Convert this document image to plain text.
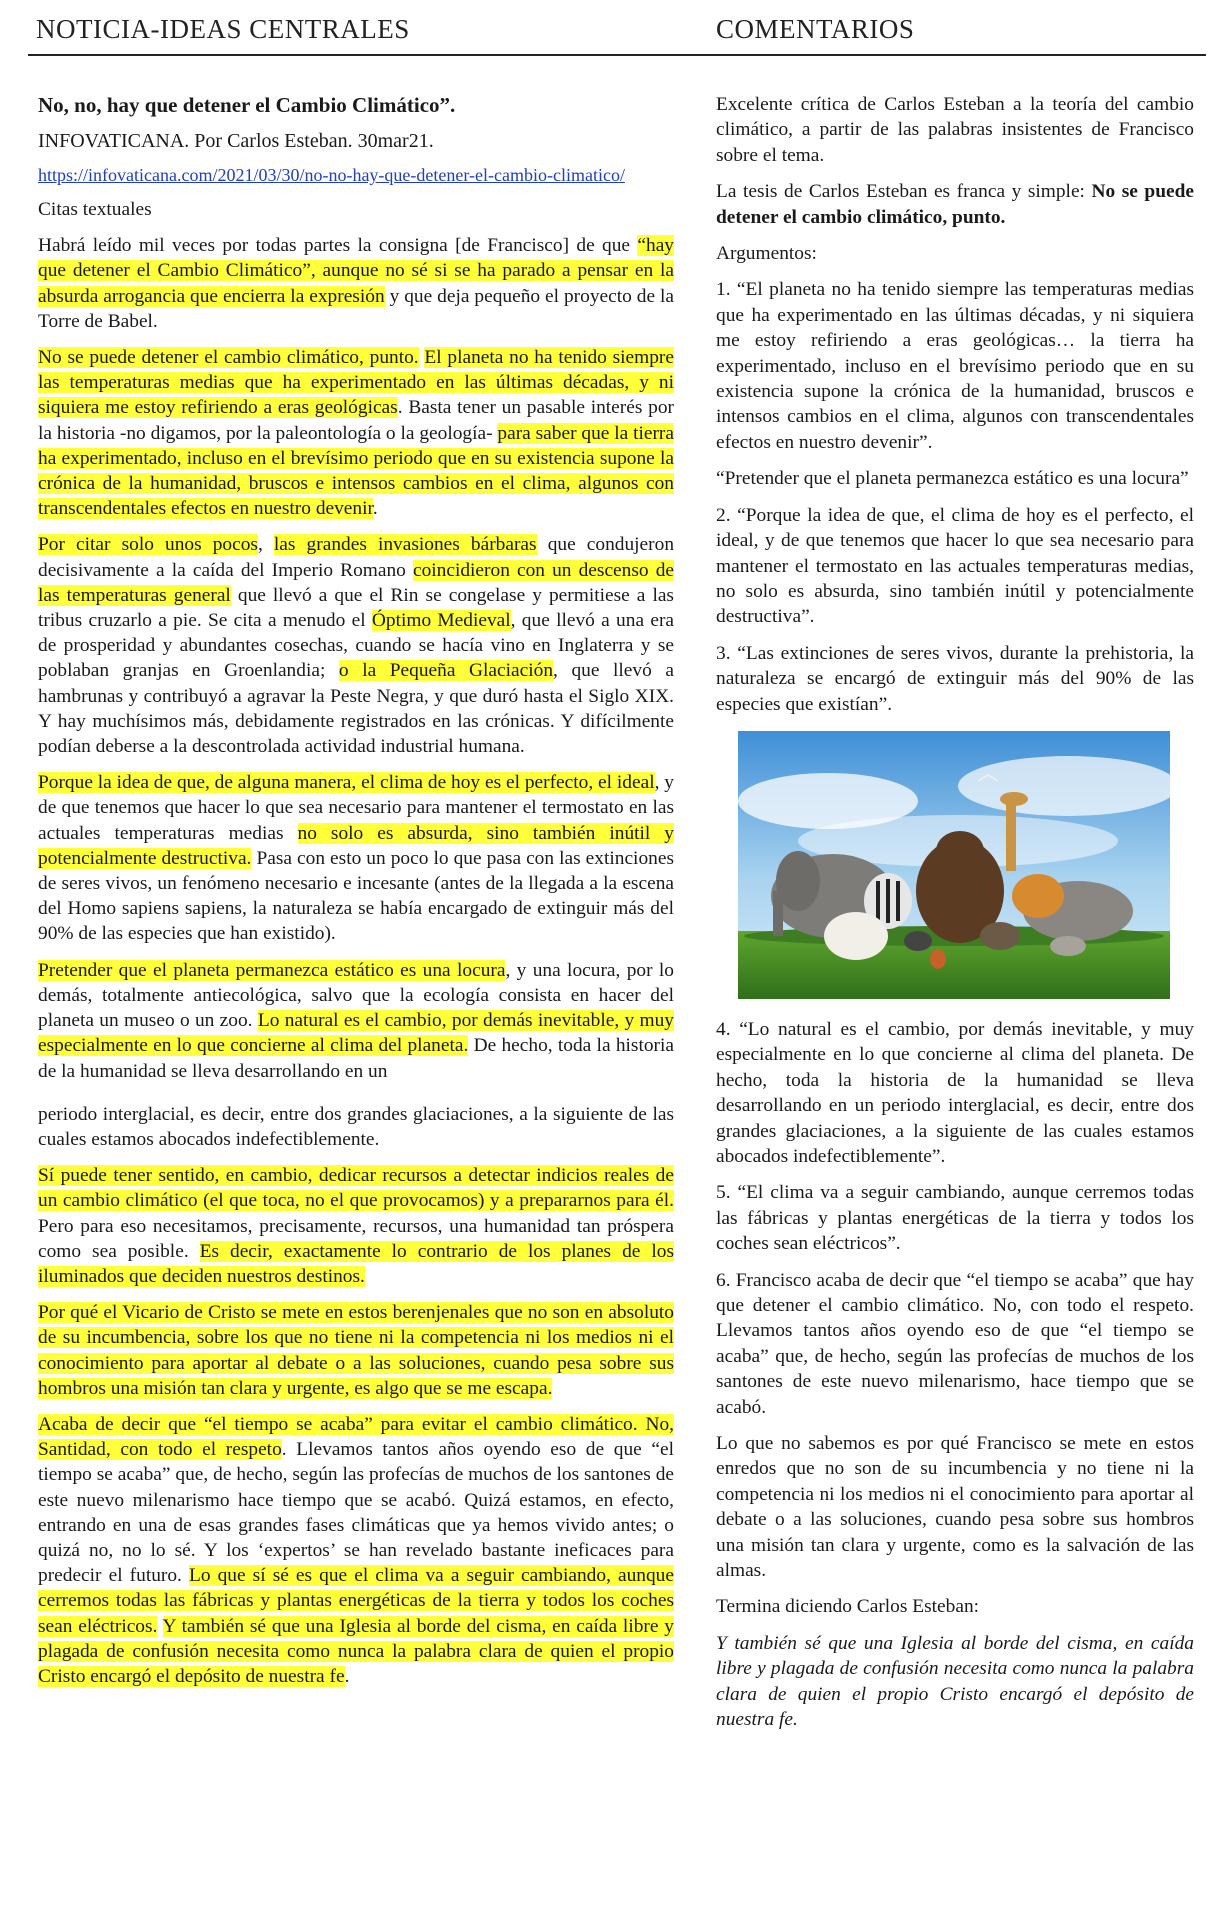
NOTICIA-IDEAS CENTRALES	COMENTARIOS

No, no, hay que detener el Cambio Climático”.

INFOVATICANA. Por Carlos Esteban. 30mar21.

https://infovaticana.com/2021/03/30/no-no-hay-que-detener-el-cambio-climatico/

Citas textuales

Habrá leído mil veces por todas partes la consigna [de Francisco] de que “hay que detener el Cambio Climático”, aunque no sé si se ha parado a pensar en la absurda arrogancia que encierra la expresión y que deja pequeño el proyecto de la Torre de Babel.

No se puede detener el cambio climático, punto. El planeta no ha tenido siempre las temperaturas medias que ha experimentado en las últimas décadas, y ni siquiera me estoy refiriendo a eras geológicas. Basta tener un pasable interés por la historia -no digamos, por la paleontología o la geología- para saber que la tierra ha experimentado, incluso en el brevísimo periodo que en su existencia supone la crónica de la humanidad, bruscos e intensos cambios en el clima, algunos con transcendentales efectos en nuestro devenir.

Por citar solo unos pocos, las grandes invasiones bárbaras que condujeron decisivamente a la caída del Imperio Romano coincidieron con un descenso de las temperaturas general que llevó a que el Rin se congelase y permitiese a las tribus cruzarlo a pie. Se cita a menudo el Óptimo Medieval, que llevó a una era de prosperidad y abundantes cosechas, cuando se hacía vino en Inglaterra y se poblaban granjas en Groenlandia; o la Pequeña Glaciación, que llevó a hambrunas y contribuyó a agravar la Peste Negra, y que duró hasta el Siglo XIX. Y hay muchísimos más, debidamente registrados en las crónicas. Y difícilmente podían deberse a la descontrolada actividad industrial humana.

Porque la idea de que, de alguna manera, el clima de hoy es el perfecto, el ideal, y de que tenemos que hacer lo que sea necesario para mantener el termostato en las actuales temperaturas medias no solo es absurda, sino también inútil y potencialmente destructiva. Pasa con esto un poco lo que pasa con las extinciones de seres vivos, un fenómeno necesario e incesante (antes de la llegada a la escena del Homo sapiens sapiens, la naturaleza se había encargado de extinguir más del 90% de las especies que han existido).

Pretender que el planeta permanezca estático es una locura, y una locura, por lo demás, totalmente antiecológica, salvo que la ecología consista en hacer del planeta un museo o un zoo. Lo natural es el cambio, por demás inevitable, y muy especialmente en lo que concierne al clima del planeta. De hecho, toda la historia de la humanidad se lleva desarrollando en un

periodo interglacial, es decir, entre dos grandes glaciaciones, a la siguiente de las cuales estamos abocados indefectiblemente.

Sí puede tener sentido, en cambio, dedicar recursos a detectar indicios reales de un cambio climático (el que toca, no el que provocamos) y a prepararnos para él. Pero para eso necesitamos, precisamente, recursos, una humanidad tan próspera como sea posible. Es decir, exactamente lo contrario de los planes de los iluminados que deciden nuestros destinos.

Por qué el Vicario de Cristo se mete en estos berenjenales que no son en absoluto de su incumbencia, sobre los que no tiene ni la competencia ni los medios ni el conocimiento para aportar al debate o a las soluciones, cuando pesa sobre sus hombros una misión tan clara y urgente, es algo que se me escapa.

Acaba de decir que “el tiempo se acaba” para evitar el cambio climático. No, Santidad, con todo el respeto. Llevamos tantos años oyendo eso de que “el tiempo se acaba” que, de hecho, según las profecías de muchos de los santones de este nuevo milenarismo hace tiempo que se acabó. Quizá estamos, en efecto, entrando en una de esas grandes fases climáticas que ya hemos vivido antes; o quizá no, no lo sé. Y los ‘expertos’ se han revelado bastante ineficaces para predecir el futuro. Lo que sí sé es que el clima va a seguir cambiando, aunque cerremos todas las fábricas y plantas energéticas de la tierra y todos los coches sean eléctricos. Y también sé que una Iglesia al borde del cisma, en caída libre y plagada de confusión necesita como nunca la palabra clara de quien el propio Cristo encargó el depósito de nuestra fe.

Excelente crítica de Carlos Esteban a la teoría del cambio climático, a partir de las palabras insistentes de Francisco sobre el tema.

La tesis de Carlos Esteban es franca y simple: No se puede detener el cambio climático, punto.

Argumentos:

1. “El planeta no ha tenido siempre las temperaturas medias que ha experimentado en las últimas décadas, y ni siquiera me estoy refiriendo a eras geológicas… la tierra ha experimentado, incluso en el brevísimo periodo que en su existencia supone la crónica de la humanidad, bruscos e intensos cambios en el clima, algunos con transcendentales efectos en nuestro devenir”.

“Pretender que el planeta permanezca estático es una locura”

2. “Porque la idea de que, el clima de hoy es el perfecto, el ideal, y de que tenemos que hacer lo que sea necesario para mantener el termostato en las actuales temperaturas medias, no solo es absurda, sino también inútil y potencialmente destructiva”.

3. “Las extinciones de seres vivos, durante la prehistoria, la naturaleza se encargó de extinguir más del 90% de las especies que existían”.

4. “Lo natural es el cambio, por demás inevitable, y muy especialmente en lo que concierne al clima del planeta. De hecho, toda la historia de la humanidad se lleva desarrollando en un periodo interglacial, es decir, entre dos grandes glaciaciones, a la siguiente de las cuales estamos abocados indefectiblemente”.

5. “El clima va a seguir cambiando, aunque cerremos todas las fábricas y plantas energéticas de la tierra y todos los coches sean eléctricos”.

6. Francisco acaba de decir que “el tiempo se acaba” que hay que detener el cambio climático. No, con todo el respeto. Llevamos tantos años oyendo eso de que “el tiempo se acaba” que, de hecho, según las profecías de muchos de los santones de este nuevo milenarismo, hace tiempo que se acabó.

Lo que no sabemos es por qué Francisco se mete en estos enredos que no son de su incumbencia y no tiene ni la competencia ni los medios ni el conocimiento para aportar al debate o a las soluciones, cuando pesa sobre sus hombros una misión tan clara y urgente, como es la salvación de las almas.

Termina diciendo Carlos Esteban:

Y también sé que una Iglesia al borde del cisma, en caída libre y plagada de confusión necesita como nunca la palabra clara de quien el propio Cristo encargó el depósito de nuestra fe.
